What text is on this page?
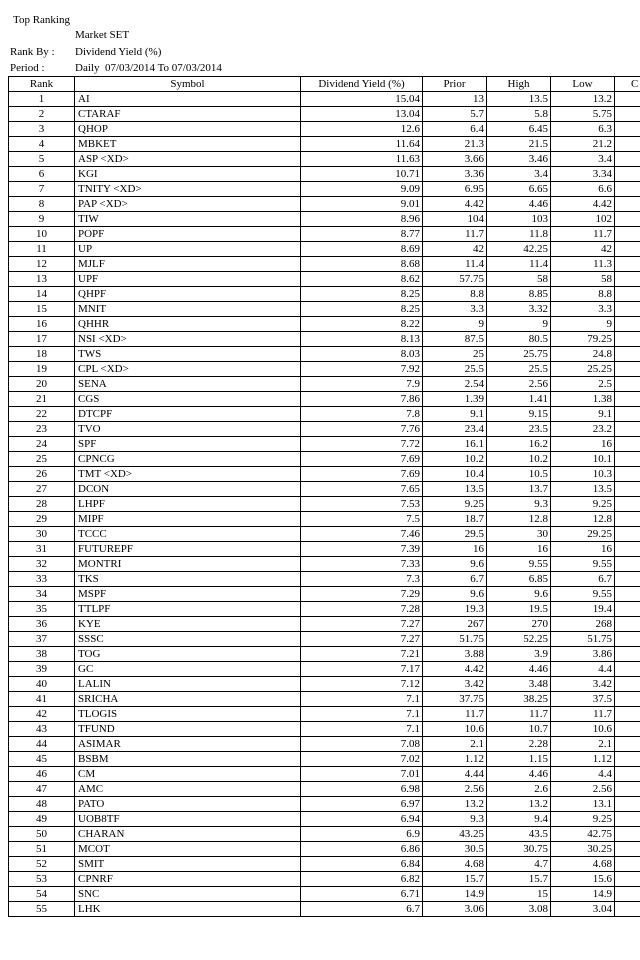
Top Ranking
Market SET
Rank By : Dividend Yield (%)
Period :	Daily  07/03/2014 To 07/03/2014
Rank	Symbol	Dividend Yield (%)	Prior	High	Low	C
1	AI	15.04	13	13.5	13.2	
2	CTARAF	13.04	5.7	5.8	5.75	
3	QHOP	12.6	6.4	6.45	6.3	
4	MBKET	11.64	21.3	21.5	21.2	
5	ASP <XD>	11.63	3.66	3.46	3.4	
6	KGI	10.71	3.36	3.4	3.34	
7	TNITY <XD>	9.09	6.95	6.65	6.6	
8	PAP <XD>	9.01	4.42	4.46	4.42	
9	TIW	8.96	104	103	102	
10	POPF	8.77	11.7	11.8	11.7	
11	UP	8.69	42	42.25	42	
12	MJLF	8.68	11.4	11.4	11.3	
13	UPF	8.62	57.75	58	58	
14	QHPF	8.25	8.8	8.85	8.8	
15	MNIT	8.25	3.3	3.32	3.3	
16	QHHR	8.22	9	9	9	
17	NSI <XD>	8.13	87.5	80.5	79.25	
18	TWS	8.03	25	25.75	24.8	
19	CPL <XD>	7.92	25.5	25.5	25.25	
20	SENA	7.9	2.54	2.56	2.5	
21	CGS	7.86	1.39	1.41	1.38	
22	DTCPF	7.8	9.1	9.15	9.1	
23	TVO	7.76	23.4	23.5	23.2	
24	SPF	7.72	16.1	16.2	16	
25	CPNCG	7.69	10.2	10.2	10.1	
26	TMT <XD>	7.69	10.4	10.5	10.3	
27	DCON	7.65	13.5	13.7	13.5	
28	LHPF	7.53	9.25	9.3	9.25	
29	MIPF	7.5	18.7	12.8	12.8	
30	TCCC	7.46	29.5	30	29.25	
31	FUTUREPF	7.39	16	16	16	
32	MONTRI	7.33	9.6	9.55	9.55	
33	TKS	7.3	6.7	6.85	6.7	
34	MSPF	7.29	9.6	9.6	9.55	
35	TTLPF	7.28	19.3	19.5	19.4	
36	KYE	7.27	267	270	268	
37	SSSC	7.27	51.75	52.25	51.75	
38	TOG	7.21	3.88	3.9	3.86	
39	GC	7.17	4.42	4.46	4.4	
40	LALIN	7.12	3.42	3.48	3.42	
41	SRICHA	7.1	37.75	38.25	37.5	
42	TLOGIS	7.1	11.7	11.7	11.7	
43	TFUND	7.1	10.6	10.7	10.6	
44	ASIMAR	7.08	2.1	2.28	2.1	
45	BSBM	7.02	1.12	1.15	1.12	
46	CM	7.01	4.44	4.46	4.4	
47	AMC	6.98	2.56	2.6	2.56	
48	PATO	6.97	13.2	13.2	13.1	
49	UOB8TF	6.94	9.3	9.4	9.25	
50	CHARAN	6.9	43.25	43.5	42.75	
51	MCOT	6.86	30.5	30.75	30.25	
52	SMIT	6.84	4.68	4.7	4.68	
53	CPNRF	6.82	15.7	15.7	15.6	
54	SNC	6.71	14.9	15	14.9	
55	LHK	6.7	3.06	3.08	3.04	
